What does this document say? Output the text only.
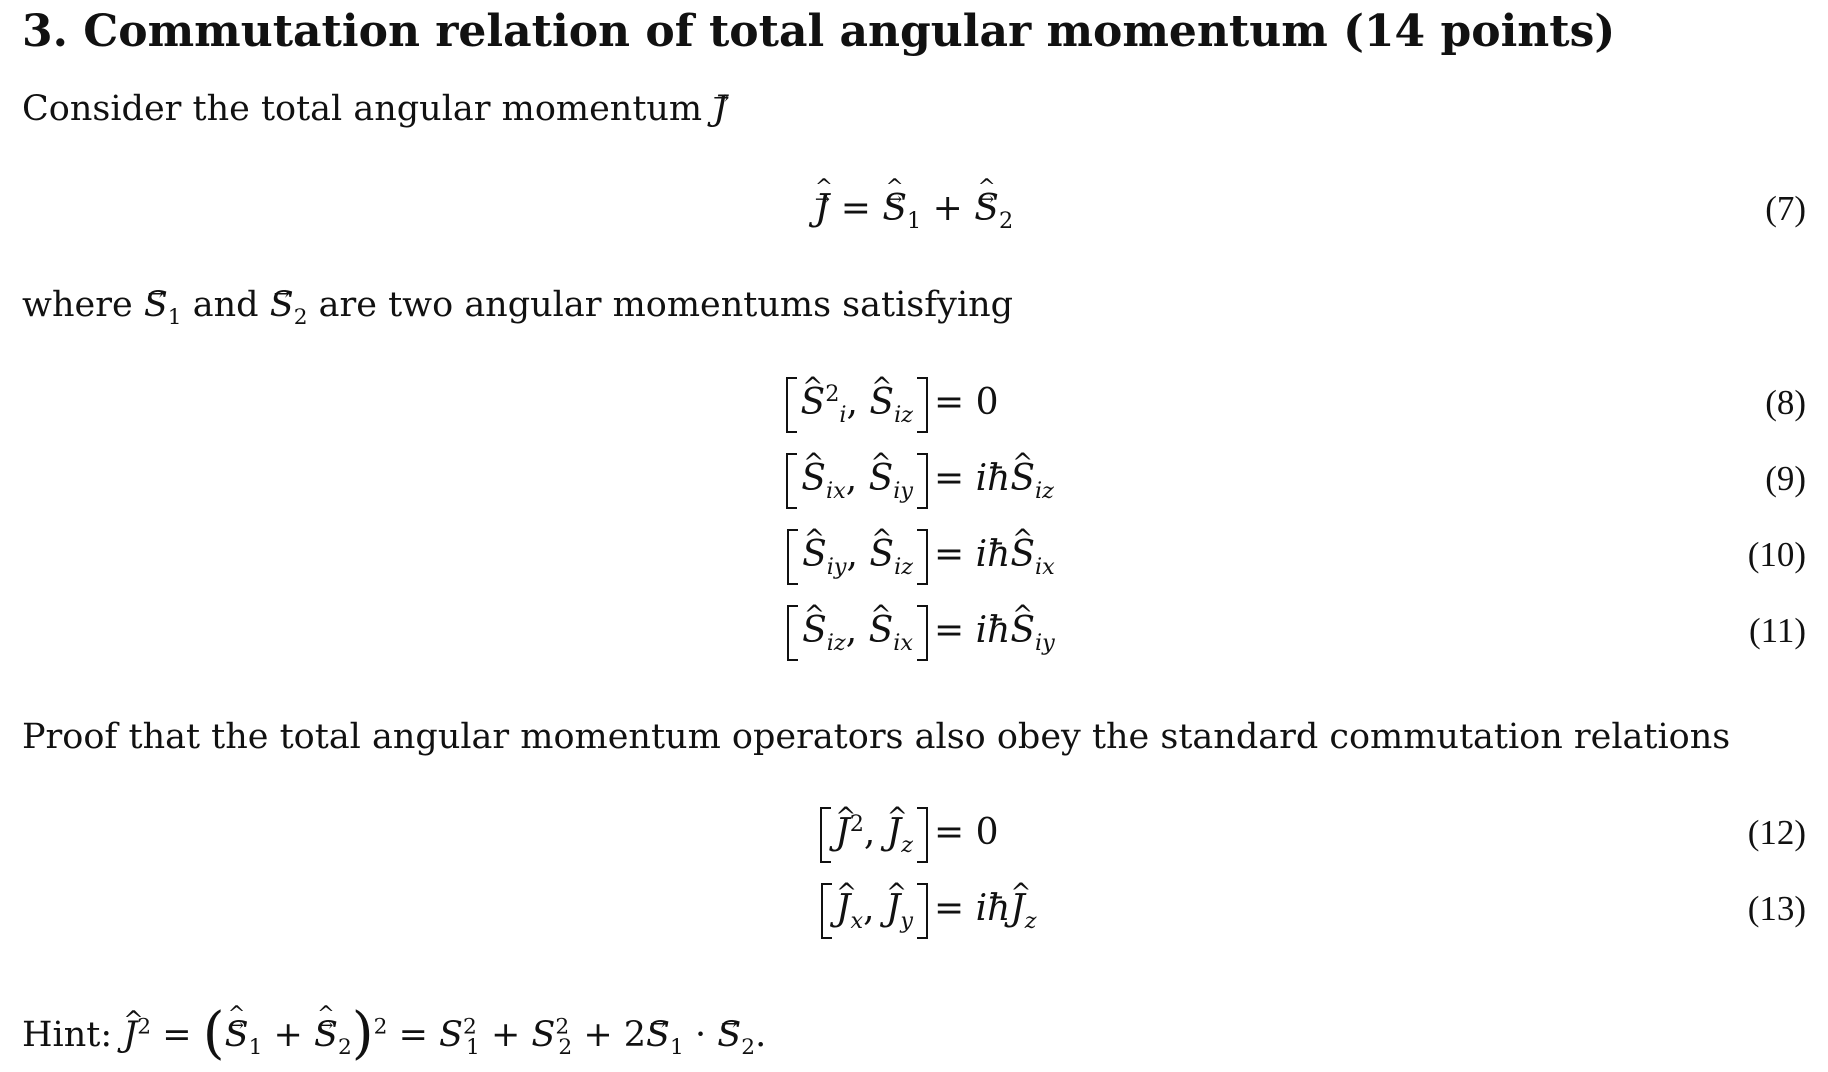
3. Commutation relation of total angular momentum (14 points)
Consider the total angular momentum J →
^ J → = ^ $S \to_1$ + ^ $S \to_2$	(7)
where $S \to_1$ and $S \to_2$ are two angular momentums satisfying
^ $S^2_i$, ^ $S_{iz} = 0$	(8)
^ $S_{ix}$, ^ $S_{iy}$ = iħ^ $S_{iz}$	(9)
^ $S_{iy}$, ^ $S_{iz}$ = iħ^ $S_{ix}$	(10)
^ $S_{iz}$, ^ $S_{ix}$ = iħ^ $S_{iy}$	(11)
Proof that the total angular momentum operators also obey the standard commutation relations
^ $J^2$, ^ $J_z = 0$	(12)
^ $J_x$, ^ $J_y$ = iħ^ $J_z$	(13)
Hint: ^ $J^2$ = (^ $S \to_1$ + ^ $S \to_2)^2 = S^2_1 + S^2_2 + 2S \to_1 \cdot S \to_2$.
